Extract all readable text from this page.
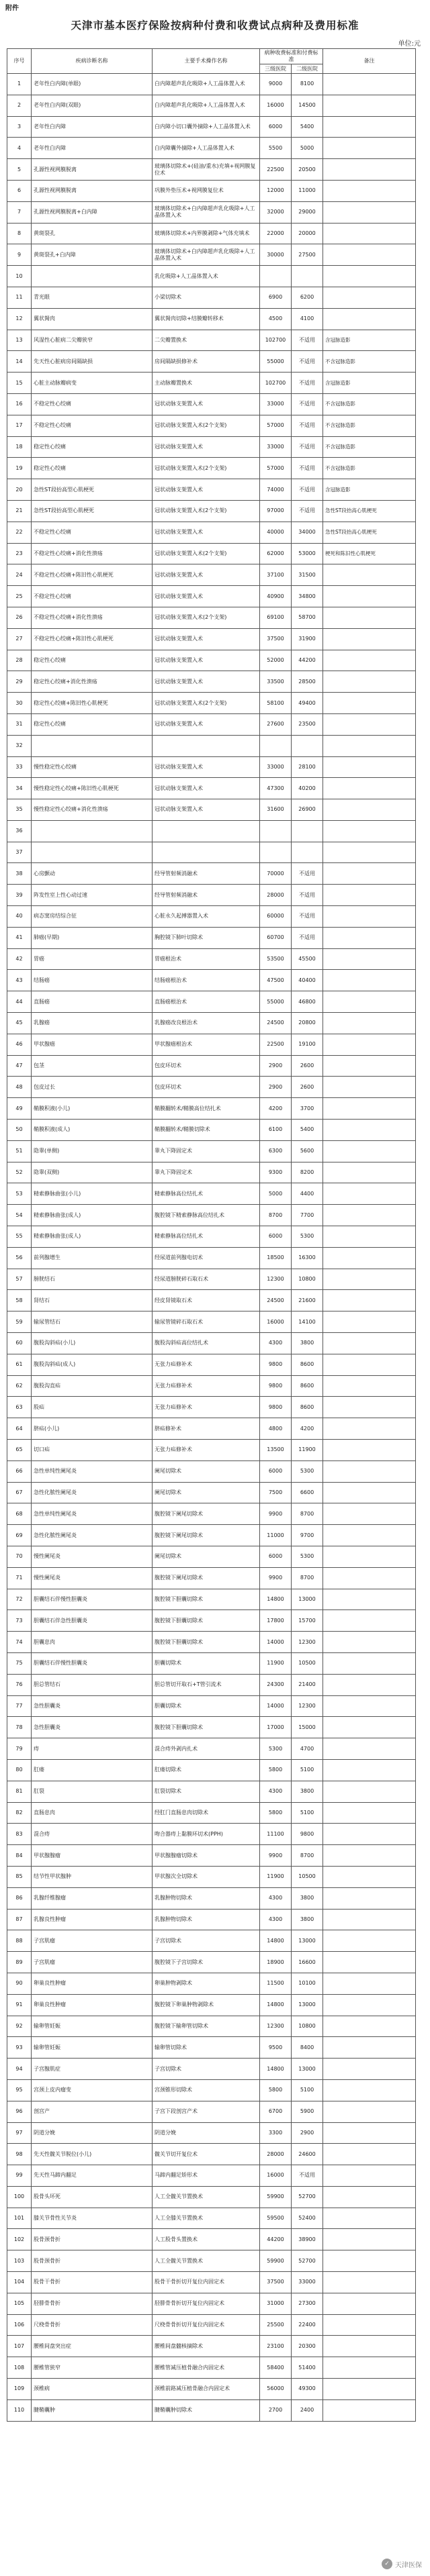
附件
天津市基本医疗保险按病种付费和收费试点病种及费用标准
单位:元
序号	疾病诊断名称	主要手术操作名称	病种收费标准和付费标准		备注
			三级医院	二级医院	
1	老年性白内障(单眼)	白内障超声乳化吸除+人工晶体置入术	9000	8100	
2	老年性白内障(双眼)	白内障超声乳化吸除+人工晶体置入术	16000	14500	
3	老年性白内障	白内障小切口囊外摘除+人工晶体置入术	6000	5400	
4	老年性白内障	白内障囊外摘除+人工晶体置入术	5500	5000	
5	孔源性视网膜脱离	玻璃体切除术+(硅油/重水)充填+视网膜复位术	22500	20500	
6	孔源性视网膜脱离	巩膜外垫压术+视网膜复位术	12000	11000	
7	孔源性视网膜脱离+白内障	玻璃体切除术+白内障超声乳化吸除+人工晶体置入术	32000	29000	
8	黄斑裂孔	玻璃体切除术+内界膜剥除+气体充填术	22000	20000	
9	黄斑裂孔+白内障	玻璃体切除术+白内障超声乳化吸除+人工晶体置入术	30000	27500	
10		乳化吸除+人工晶体置入术			
11	青光眼	小梁切除术	6900	6200	
12	翼状胬肉	翼状胬肉切除+结膜瓣转移术	4500	4100	
13	风湿性心脏病二尖瓣狭窄	二尖瓣置换术	102700	不适用	含冠脉造影
14	先天性心脏病房间隔缺损	房间隔缺损修补术	55000	不适用	不含冠脉造影
15	心脏主动脉瓣病变	主动脉瓣置换术	102700	不适用	含冠脉造影
16	不稳定性心绞痛	冠状动脉支架置入术	33000	不适用	不含冠脉造影
17	不稳定性心绞痛	冠状动脉支架置入术(2个支架)	57000	不适用	不含冠脉造影
18	稳定性心绞痛	冠状动脉支架置入术	33000	不适用	不含冠脉造影
19	稳定性心绞痛	冠状动脉支架置入术(2个支架)	57000	不适用	不含冠脉造影
20	急性ST段抬高型心肌梗死	冠状动脉支架置入术	74000	不适用	含冠脉造影
21	急性ST段抬高型心肌梗死	冠状动脉支架置入术(2个支架)	97000	不适用	急性ST段抬高心肌梗死
22	不稳定性心绞痛	冠状动脉支架置入术	40000	34000	急性ST段抬高心肌梗死
23	不稳定性心绞痛+消化性溃疡	冠状动脉支架置入术(2个支架)	62000	53000	梗死和陈旧性心肌梗死
24	不稳定性心绞痛+陈旧性心肌梗死	冠状动脉支架置入术	37100	31500	
25	不稳定性心绞痛	冠状动脉支架置入术	40900	34800	
26	不稳定性心绞痛+消化性溃疡	冠状动脉支架置入术(2个支架)	69100	58700	
27	不稳定性心绞痛+陈旧性心肌梗死	冠状动脉支架置入术	37500	31900	
28	稳定性心绞痛	冠状动脉支架置入术	52000	44200	
29	稳定性心绞痛+消化性溃疡	冠状动脉支架置入术	33500	28500	
30	稳定性心绞痛+陈旧性心肌梗死	冠状动脉支架置入术(2个支架)	58100	49400	
31	稳定性心绞痛	冠状动脉支架置入术	27600	23500	
32					
33	慢性稳定性心绞痛	冠状动脉支架置入术	33000	28100	
34	慢性稳定性心绞痛+陈旧性心肌梗死	冠状动脉支架置入术	47300	40200	
35	慢性稳定性心绞痛+消化性溃疡	冠状动脉支架置入术	31600	26900	
36					
37					
38	心房颤动	经导管射频消融术	70000	不适用	
39	阵发性室上性心动过速	经导管射频消融术	28000	不适用	
40	病态窦房结综合征	心脏永久起搏器置入术	60000	不适用	
41	肺癌(早期)	胸腔镜下肺叶切除术	60700	不适用	
42	胃癌	胃癌根治术	53500	45500	
43	结肠癌	结肠癌根治术	47500	40400	
44	直肠癌	直肠癌根治术	55000	46800	
45	乳腺癌	乳腺癌改良根治术	24500	20800	
46	甲状腺癌	甲状腺癌根治术	22500	19100	
47	包茎	包皮环切术	2900	2600	
48	包皮过长	包皮环切术	2900	2600	
49	鞘膜积液(小儿)	鞘膜翻转术/鞘膜高位结扎术	4200	3700	
50	鞘膜积液(成人)	鞘膜翻转术/鞘膜切除术	6100	5400	
51	隐睾(单侧)	睾丸下降固定术	6300	5600	
52	隐睾(双侧)	睾丸下降固定术	9300	8200	
53	精索静脉曲张(小儿)	精索静脉高位结扎术	5000	4400	
54	精索静脉曲张(成人)	腹腔镜下精索静脉高位结扎术	8700	7700	
55	精索静脉曲张(成人)	精索静脉高位结扎术	6000	5300	
56	前列腺增生	经尿道前列腺电切术	18500	16300	
57	膀胱结石	经尿道膀胱碎石取石术	12300	10800	
58	肾结石	经皮肾镜取石术	24500	21600	
59	输尿管结石	输尿管镜碎石取石术	16000	14100	
60	腹股沟斜疝(小儿)	腹股沟斜疝高位结扎术	4300	3800	
61	腹股沟斜疝(成人)	无张力疝修补术	9800	8600	
62	腹股沟直疝	无张力疝修补术	9800	8600	
63	股疝	无张力疝修补术	9800	8600	
64	脐疝(小儿)	脐疝修补术	4800	4200	
65	切口疝	无张力疝修补术	13500	11900	
66	急性单纯性阑尾炎	阑尾切除术	6000	5300	
67	急性化脓性阑尾炎	阑尾切除术	7500	6600	
68	急性单纯性阑尾炎	腹腔镜下阑尾切除术	9900	8700	
69	急性化脓性阑尾炎	腹腔镜下阑尾切除术	11000	9700	
70	慢性阑尾炎	阑尾切除术	6000	5300	
71	慢性阑尾炎	腹腔镜下阑尾切除术	9900	8700	
72	胆囊结石伴慢性胆囊炎	腹腔镜下胆囊切除术	14800	13000	
73	胆囊结石伴急性胆囊炎	腹腔镜下胆囊切除术	17800	15700	
74	胆囊息肉	腹腔镜下胆囊切除术	14000	12300	
75	胆囊结石伴慢性胆囊炎	胆囊切除术	11900	10500	
76	胆总管结石	胆总管切开取石+T管引流术	24300	21400	
77	急性胆囊炎	胆囊切除术	14000	12300	
78	急性胆囊炎	腹腔镜下胆囊切除术	17000	15000	
79	痔	混合痔外剥内扎术	5300	4700	
80	肛瘘	肛瘘切除术	5800	5100	
81	肛裂	肛裂切除术	4300	3800	
82	直肠息肉	经肛门直肠息肉切除术	5800	5100	
83	混合痔	吻合器痔上黏膜环切术(PPH)	11100	9800	
84	甲状腺腺瘤	甲状腺腺瘤切除术	9900	8700	
85	结节性甲状腺肿	甲状腺次全切除术	11900	10500	
86	乳腺纤维腺瘤	乳腺肿物切除术	4300	3800	
87	乳腺良性肿瘤	乳腺肿物切除术	4300	3800	
88	子宫肌瘤	子宫切除术	14800	13000	
89	子宫肌瘤	腹腔镜下子宫切除术	18900	16600	
90	卵巢良性肿瘤	卵巢肿物剥除术	11500	10100	
91	卵巢良性肿瘤	腹腔镜下卵巢肿物剥除术	14800	13000	
92	输卵管妊娠	腹腔镜下输卵管切除术	12300	10800	
93	输卵管妊娠	输卵管切除术	9500	8400	
94	子宫腺肌症	子宫切除术	14800	13000	
95	宫颈上皮内瘤变	宫颈锥形切除术	5800	5100	
96	剖宫产	子宫下段剖宫产术	6700	5900	
97	阴道分娩	阴道分娩	3300	2900	
98	先天性髋关节脱位(小儿)	髋关节切开复位术	28000	24600	
99	先天性马蹄内翻足	马蹄内翻足矫形术	16000	不适用	
100	股骨头坏死	人工全髋关节置换术	59900	52700	
101	膝关节骨性关节炎	人工全膝关节置换术	59500	52400	
102	股骨颈骨折	人工股骨头置换术	44200	38900	
103	股骨颈骨折	人工全髋关节置换术	59900	52700	
104	股骨干骨折	股骨干骨折切开复位内固定术	37500	33000	
105	胫腓骨骨折	胫腓骨骨折切开复位内固定术	31000	27300	
106	尺桡骨骨折	尺桡骨骨折切开复位内固定术	25500	22400	
107	腰椎间盘突出症	腰椎间盘髓核摘除术	23100	20300	
108	腰椎管狭窄	腰椎管减压植骨融合内固定术	58400	51400	
109	颈椎病	颈椎前路减压植骨融合内固定术	56000	49300	
110	腱鞘囊肿	腱鞘囊肿切除术	2700	2400	
✓ 天津医保
